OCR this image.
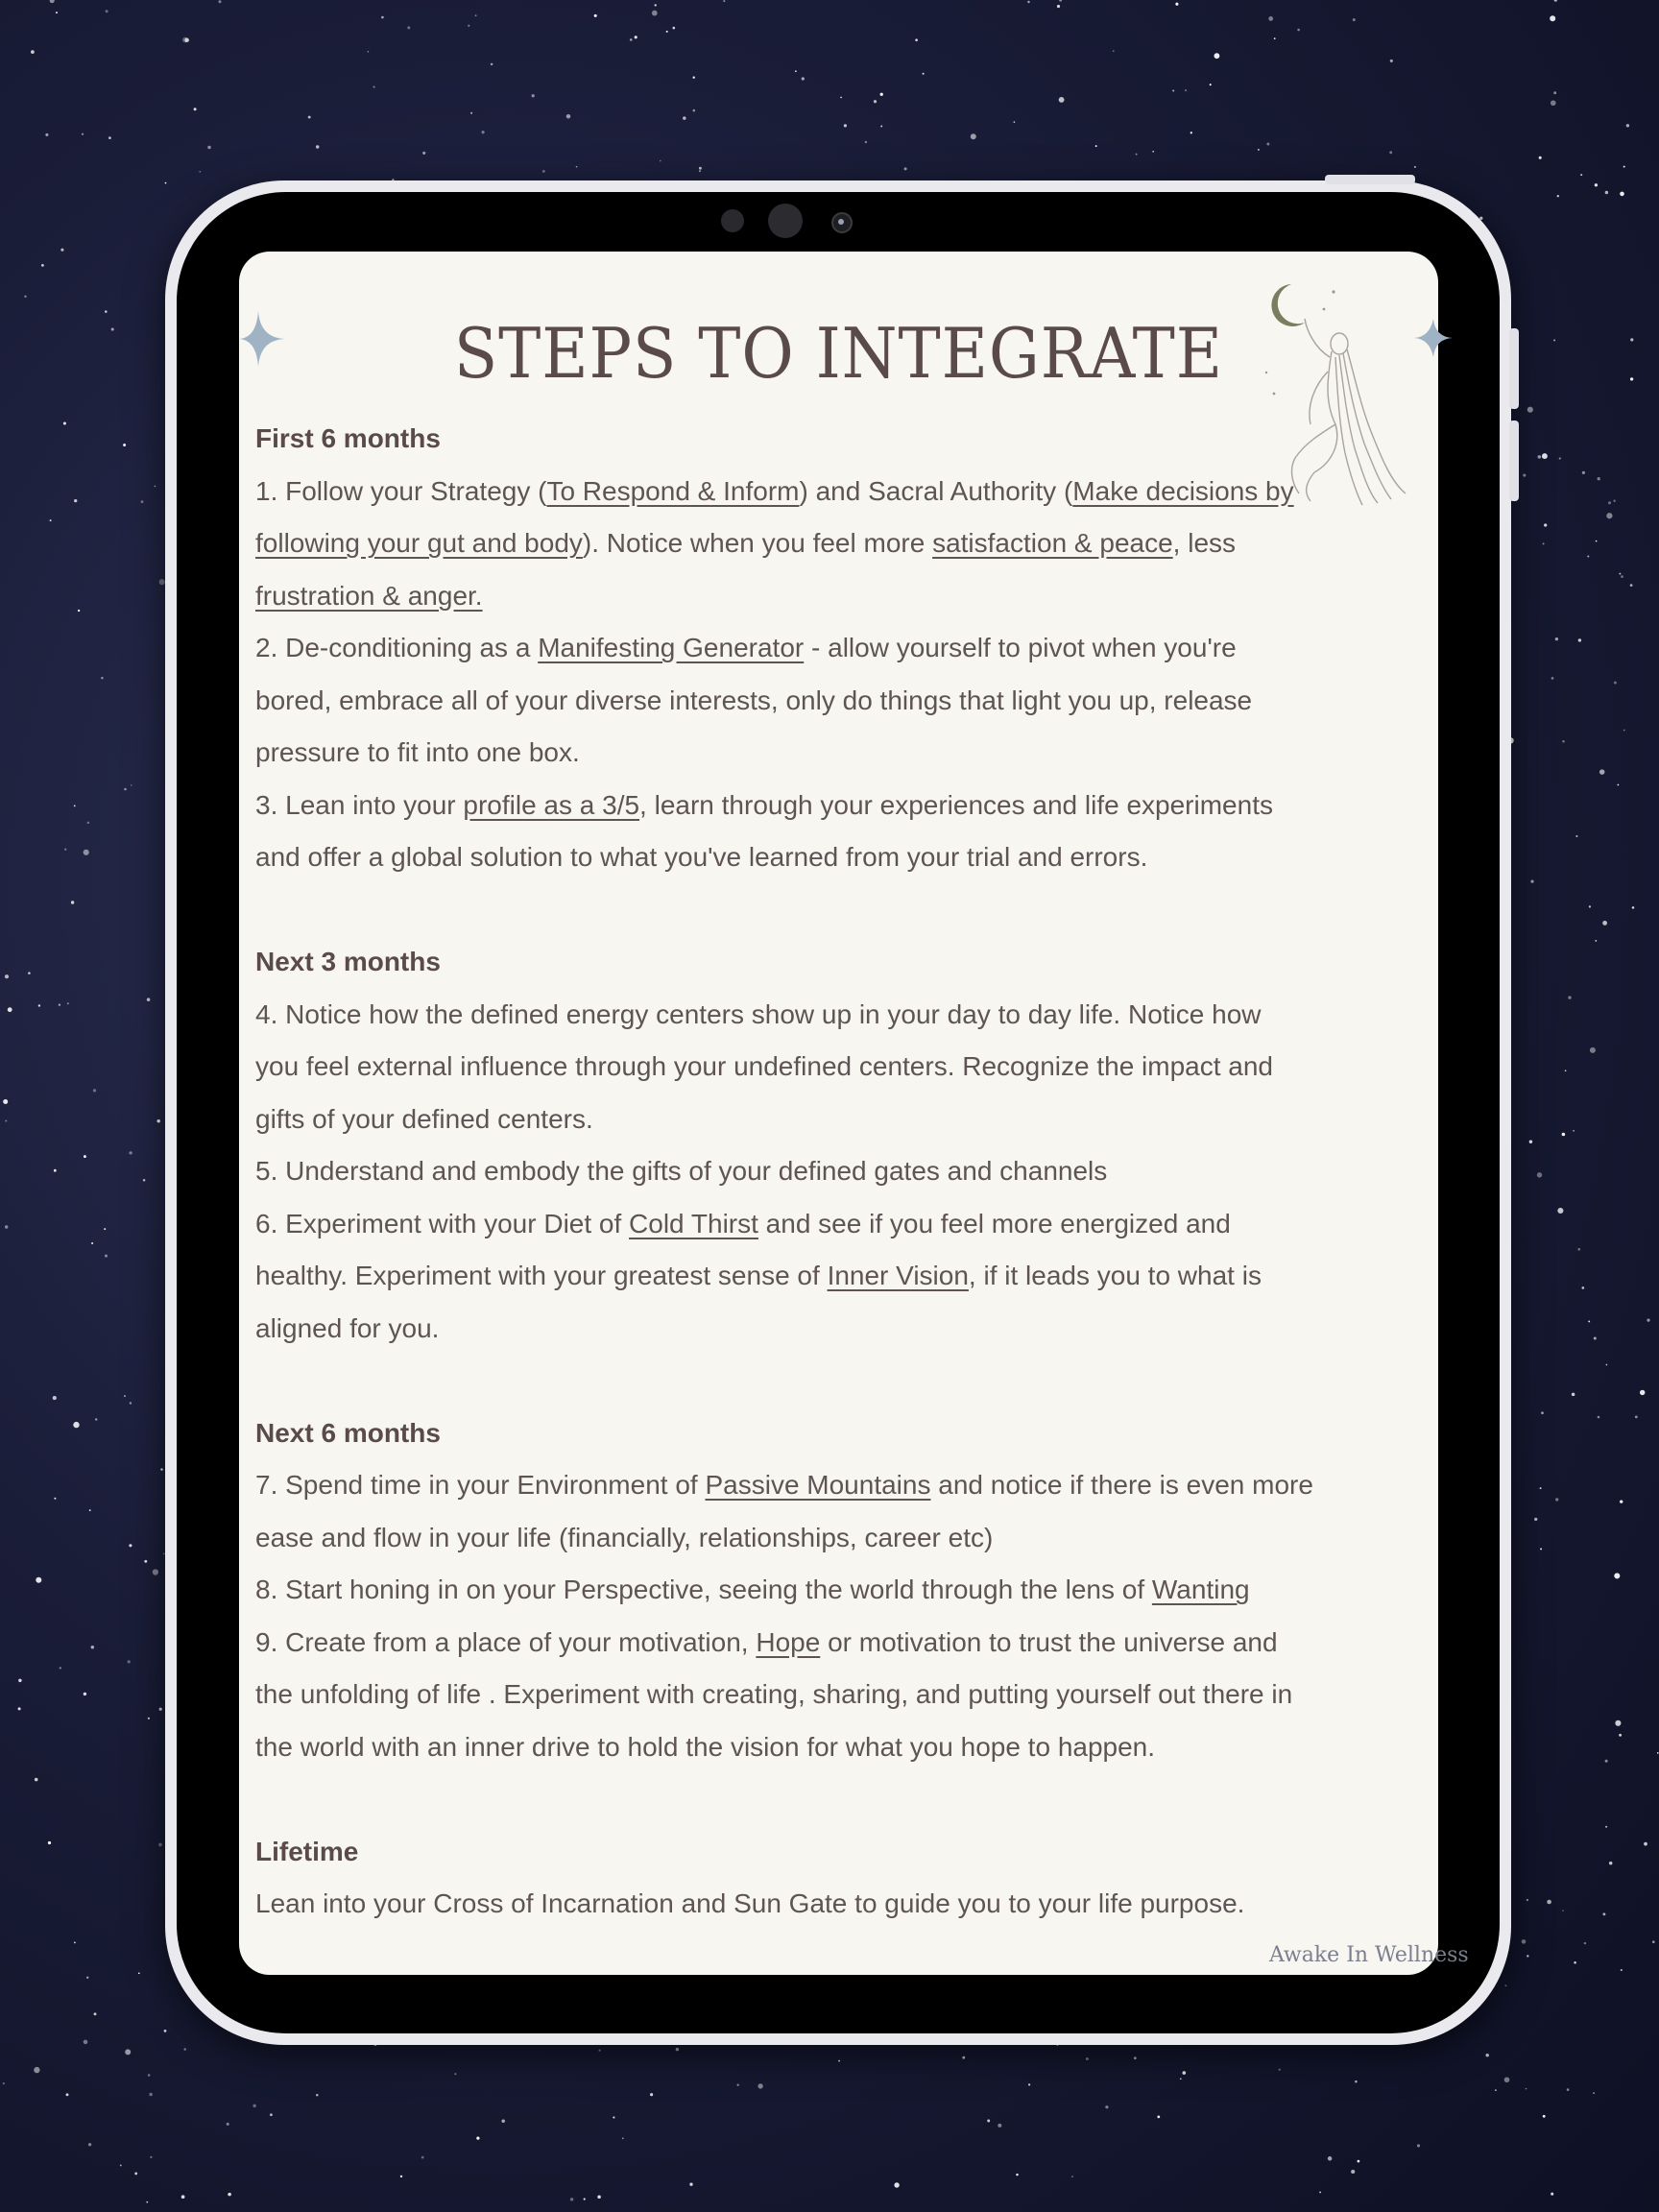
STEPS TO INTEGRATE
First 6 months
1. Follow your Strategy (To Respond & Inform) and Sacral Authority (Make decisions by
following your gut and body). Notice when you feel more satisfaction & peace, less
frustration & anger.
2. De-conditioning as a Manifesting Generator - allow yourself to pivot when you're
bored, embrace all of your diverse interests, only do things that light you up, release
pressure to fit into one box.
3. Lean into your profile as a 3/5, learn through your experiences and life experiments
and offer a global solution to what you've learned from your trial and errors.
Next 3 months
4. Notice how the defined energy centers show up in your day to day life. Notice how
you feel external influence through your undefined centers. Recognize the impact and
gifts of your defined centers.
5. Understand and embody the gifts of your defined gates and channels
6. Experiment with your Diet of Cold Thirst and see if you feel more energized and
healthy. Experiment with your greatest sense of Inner Vision, if it leads you to what is
aligned for you.
Next 6 months
7. Spend time in your Environment of Passive Mountains and notice if there is even more
ease and flow in your life (financially, relationships, career etc)
8. Start honing in on your Perspective, seeing the world through the lens of Wanting
9. Create from a place of your motivation, Hope or motivation to trust the universe and
the unfolding of life . Experiment with creating, sharing, and putting yourself out there in
the world with an inner drive to hold the vision for what you hope to happen.
Lifetime
Lean into your Cross of Incarnation and Sun Gate to guide you to your life purpose.
Awake In Wellness
